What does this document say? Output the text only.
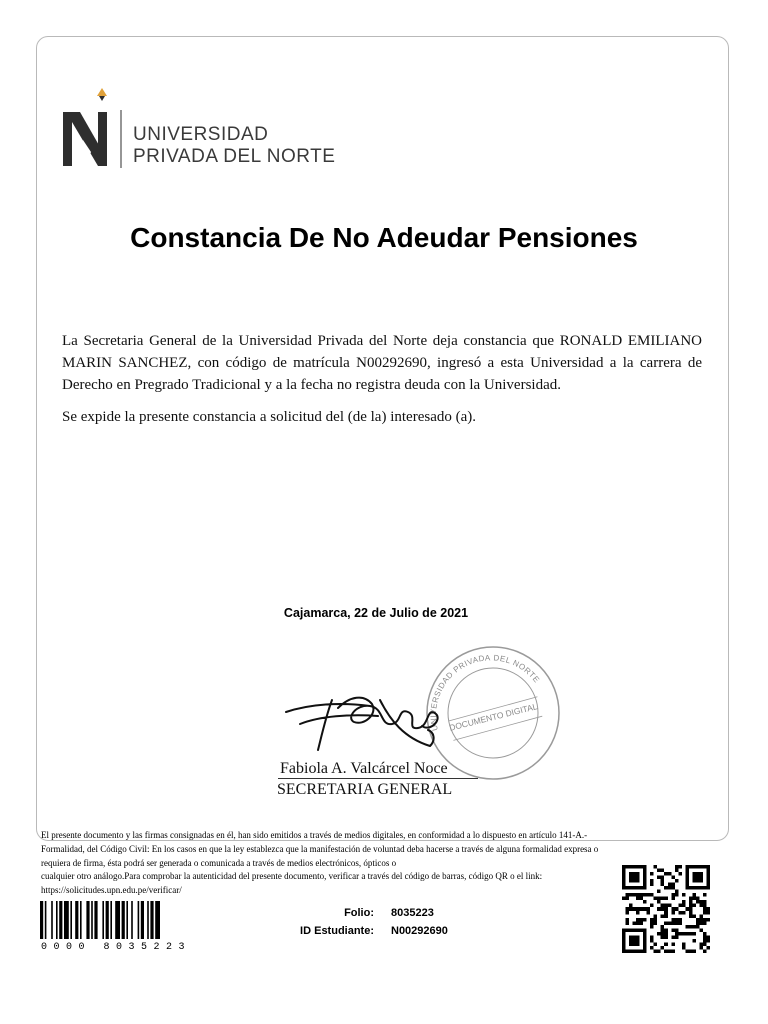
UNIVERSIDAD
PRIVADA DEL NORTE
Constancia De No Adeudar Pensiones

La Secretaria General de la Universidad Privada del Norte deja constancia que RONALD EMILIANO MARIN SANCHEZ, con código de matrícula N00292690, ingresó a esta Universidad a la carrera de Derecho en Pregrado Tradicional y a la fecha no registra deuda con la Universidad.

Se expide la presente constancia a solicitud del (de la) interesado (a).

Cajamarca, 22 de Julio de 2021
UNIVERSIDAD PRIVADA DEL NORTE
DOCUMENTO DIGITAL
Fabiola A. Valcárcel Noce
SECRETARIA GENERAL
El presente documento y las firmas consignadas en él, han sido emitidos a través de medios digitales, en conformidad a lo dispuesto en artículo 141-A.-
Formalidad, del Código Civil: En los casos en que la ley establezca que la manifestación de voluntad deba hacerse a través de alguna formalidad expresa o
requiera de firma, ésta podrá ser generada o comunicada a través de medios electrónicos, ópticos o
cualquier otro análogo.Para comprobar la autenticidad del presente documento, verificar a través del código de barras, código QR o el link:
https://solicitudes.upn.edu.pe/verificar/
0000 8035223
Folio:
ID Estudiante:
8035223
N00292690
